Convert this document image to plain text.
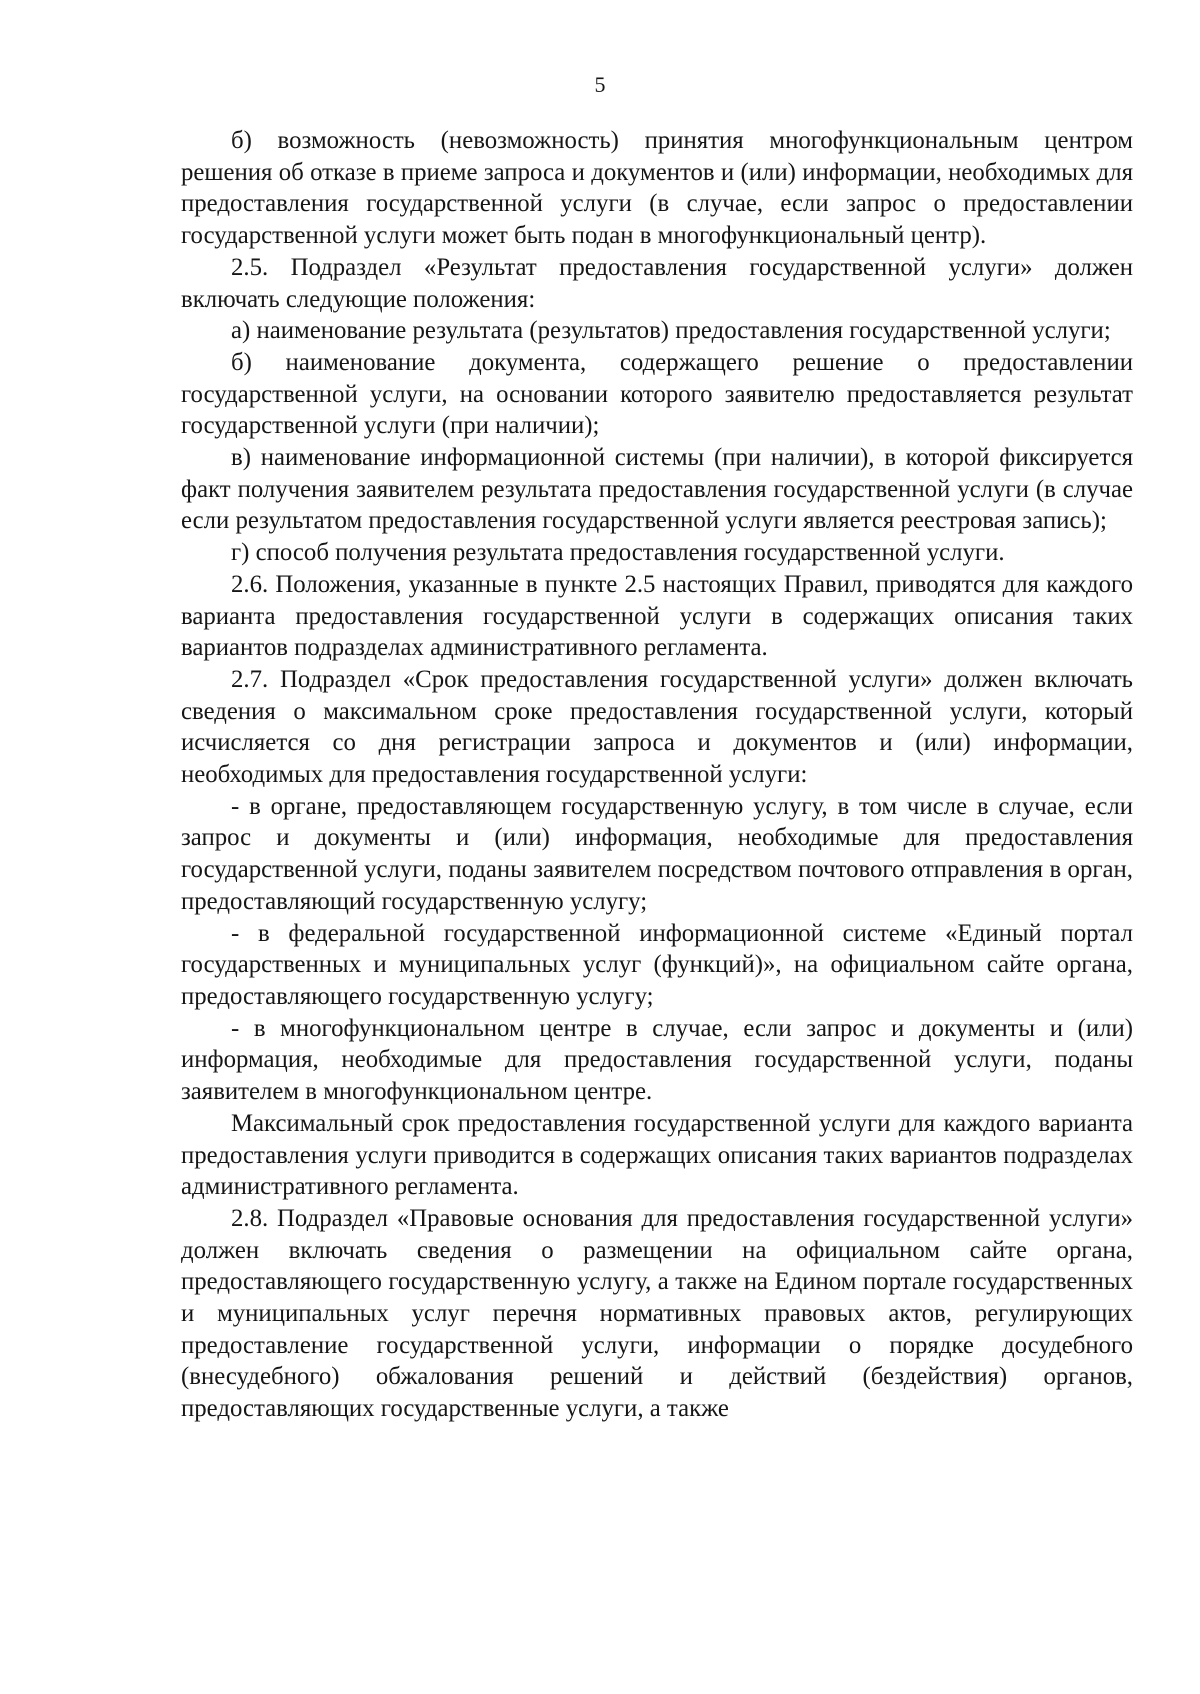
5

б) возможность (невозможность) принятия многофункциональным центром решения об отказе в приеме запроса и документов и (или) информации, необходимых для предоставления государственной услуги (в случае, если запрос о предоставлении государственной услуги может быть подан в многофункциональный центр).

2.5. Подраздел «Результат предоставления государственной услуги» должен включать следующие положения:

а) наименование результата (результатов) предоставления государственной услуги;

б) наименование документа, содержащего решение о предоставлении государственной услуги, на основании которого заявителю предоставляется результат государственной услуги (при наличии);

в) наименование информационной системы (при наличии), в которой фиксируется факт получения заявителем результата предоставления государственной услуги (в случае если результатом предоставления государственной услуги является реестровая запись);

г) способ получения результата предоставления государственной услуги.

2.6. Положения, указанные в пункте 2.5 настоящих Правил, приводятся для каждого варианта предоставления государственной услуги в содержащих описания таких вариантов подразделах административного регламента.

2.7. Подраздел «Срок предоставления государственной услуги» должен включать сведения о максимальном сроке предоставления государственной услуги, который исчисляется со дня регистрации запроса и документов и (или) информации, необходимых для предоставления государственной услуги:

- в органе, предоставляющем государственную услугу, в том числе в случае, если запрос и документы и (или) информация, необходимые для предоставления государственной услуги, поданы заявителем посредством почтового отправления в орган, предоставляющий государственную услугу;

- в федеральной государственной информационной системе «Единый портал государственных и муниципальных услуг (функций)», на официальном сайте органа, предоставляющего государственную услугу;

- в многофункциональном центре в случае, если запрос и документы и (или) информация, необходимые для предоставления государственной услуги, поданы заявителем в многофункциональном центре.

Максимальный срок предоставления государственной услуги для каждого варианта предоставления услуги приводится в содержащих описания таких вариантов подразделах административного регламента.

2.8. Подраздел «Правовые основания для предоставления государственной услуги» должен включать сведения о размещении на официальном сайте органа, предоставляющего государственную услугу, а также на Едином портале государственных и муниципальных услуг перечня нормативных правовых актов, регулирующих предоставление государственной услуги, информации о порядке досудебного (внесудебного) обжалования решений и действий (бездействия) органов, предоставляющих государственные услуги, а также
